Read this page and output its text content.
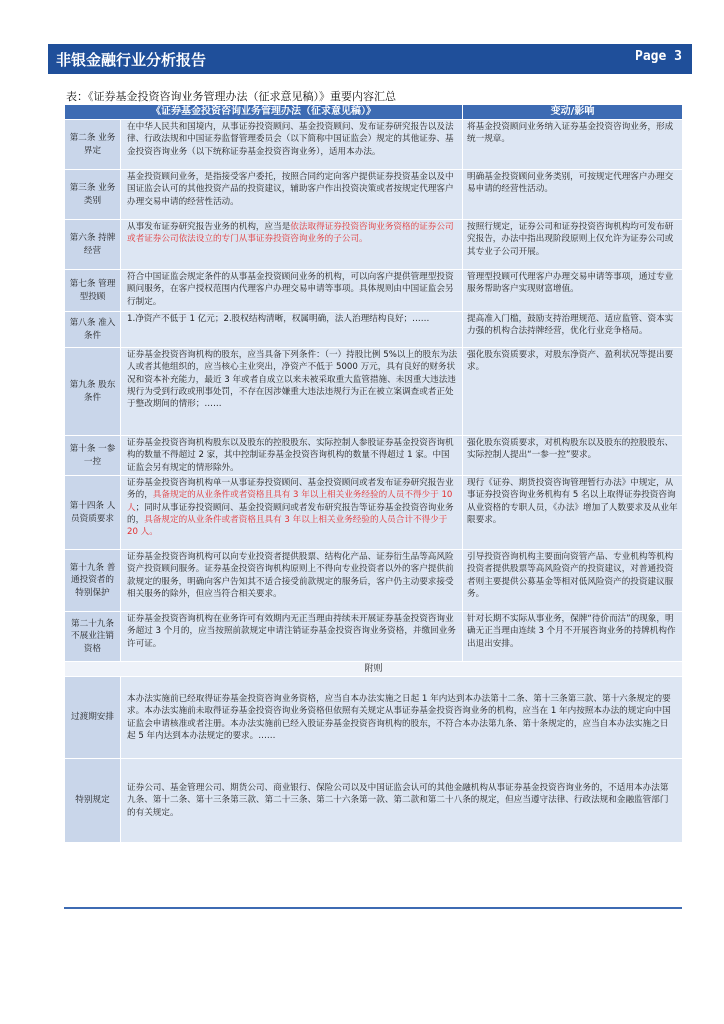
非银金融行业分析报告	Page 3
表：《证券基金投资咨询业务管理办法（征求意见稿）》重要内容汇总
《证券基金投资咨询业务管理办法（征求意见稿）》		变动/影响
第二条 业务界定	在中华人民共和国境内，从事证券投资顾问、基金投资顾问、发布证券研究报告以及法律、行政法规和中国证券监督管理委员会（以下简称中国证监会）规定的其他证券、基金投资咨询业务（以下统称证券基金投资咨询业务），适用本办法。	将基金投资顾问业务纳入证券基金投资咨询业务，形成统一规章。
第三条 业务类别	基金投资顾问业务，是指接受客户委托，按照合同约定向客户提供证券投资基金以及中国证监会认可的其他投资产品的投资建议，辅助客户作出投资决策或者按规定代理客户办理交易申请的经营性活动。	明确基金投资顾问业务类别，可按规定代理客户办理交易申请的经营性活动。
第六条 持牌经营	从事发布证券研究报告业务的机构，应当是依法取得证券投资咨询业务资格的证券公司或者证券公司依法设立的专门从事证券投资咨询业务的子公司。	按照行规定，证券公司和证券投资咨询机构均可发布研究报告，办法中指出现阶段原则上仅允许为证券公司或其专业子公司开展。
第七条 管理型投顾	符合中国证监会规定条件的从事基金投资顾问业务的机构，可以向客户提供管理型投资顾问服务，在客户授权范围内代理客户办理交易申请等事项。具体规则由中国证监会另行制定。	管理型投顾可代理客户办理交易申请等事项，通过专业服务帮助客户实现财富增值。
第八条 准入条件	1.净资产不低于 1 亿元；2.股权结构清晰，权属明确，法人治理结构良好；……	提高准入门槛，鼓励支持治理规范、适应监管、资本实力强的机构合法持牌经营，优化行业竞争格局。
第九条 股东条件	证券基金投资咨询机构的股东，应当具备下列条件：（一）持股比例 5%以上的股东为法人或者其他组织的，应当核心主业突出，净资产不低于 5000 万元，具有良好的财务状况和资本补充能力，最近 3 年或者自成立以来未被采取重大监管措施、未因重大违法违规行为受到行政或刑事处罚，不存在因涉嫌重大违法违规行为正在被立案调查或者正处于整改期间的情形；……	强化股东资质要求，对股东净资产、盈利状况等提出要求。
第十条 一参一控	证券基金投资咨询机构股东以及股东的控股股东、实际控制人参股证券基金投资咨询机构的数量不得超过 2 家，其中控制证券基金投资咨询机构的数量不得超过 1 家。中国证监会另有规定的情形除外。	强化股东资质要求，对机构股东以及股东的控股股东、实际控制人提出“一参一控”要求。
第十四条 人员资质要求	证券基金投资咨询机构单一从事证券投资顾问、基金投资顾问或者发布证券研究报告业务的，具备规定的从业条件或者资格且具有 3 年以上相关业务经验的人员不得少于 10 人；同时从事证券投资顾问、基金投资顾问或者发布研究报告等证券基金投资咨询业务的，具备规定的从业条件或者资格且具有 3 年以上相关业务经验的人员合计不得少于 20 人。	现行《证券、期货投资咨询管理暂行办法》中规定，从事证券投资咨询业务机构有 5 名以上取得证券投资咨询从业资格的专职人员，《办法》增加了人数要求及从业年限要求。
第十九条 普通投资者的特别保护	证券基金投资咨询机构可以向专业投资者提供股票、结构化产品、证券衍生品等高风险资产投资顾问服务。证券基金投资咨询机构原则上不得向专业投资者以外的客户提供前款规定的服务，明确向客户告知其不适合接受前款规定的服务后，客户仍主动要求接受相关服务的除外，但应当符合相关要求。	引导投资咨询机构主要面向资管产品、专业机构等机构投资者提供股票等高风险资产的投资建议，对普通投资者则主要提供公募基金等相对低风险资产的投资建议服务。
第二十九条 不展业注销资格	证券基金投资咨询机构在业务许可有效期内无正当理由持续未开展证券基金投资咨询业务超过 3 个月的，应当按照前款规定申请注销证券基金投资咨询业务资格，并缴回业务许可证。	针对长期不实际从事业务，保牌“待价而沽”的现象，明确无正当理由连续 3 个月不开展咨询业务的持牌机构作出退出安排。
附则		
过渡期安排	本办法实施前已经取得证券基金投资咨询业务资格，应当自本办法实施之日起 1 年内达到本办法第十二条、第十三条第三款、第十六条规定的要求。本办法实施前未取得证券基金投资咨询业务资格但依照有关规定从事证券基金投资咨询业务的机构，应当在 1 年内按照本办法的规定向中国证监会申请核准或者注册。本办法实施前已经入股证券基金投资咨询机构的股东，不符合本办法第九条、第十条规定的，应当自本办法实施之日起 5 年内达到本办法规定的要求。……	
特别规定	证券公司、基金管理公司、期货公司、商业银行、保险公司以及中国证监会认可的其他金融机构从事证券基金投资咨询业务的，不适用本办法第九条、第十二条、第十三条第三款、第二十三条、第二十六条第一款、第二款和第二十八条的规定，但应当遵守法律、行政法规和金融监管部门的有关规定。	
